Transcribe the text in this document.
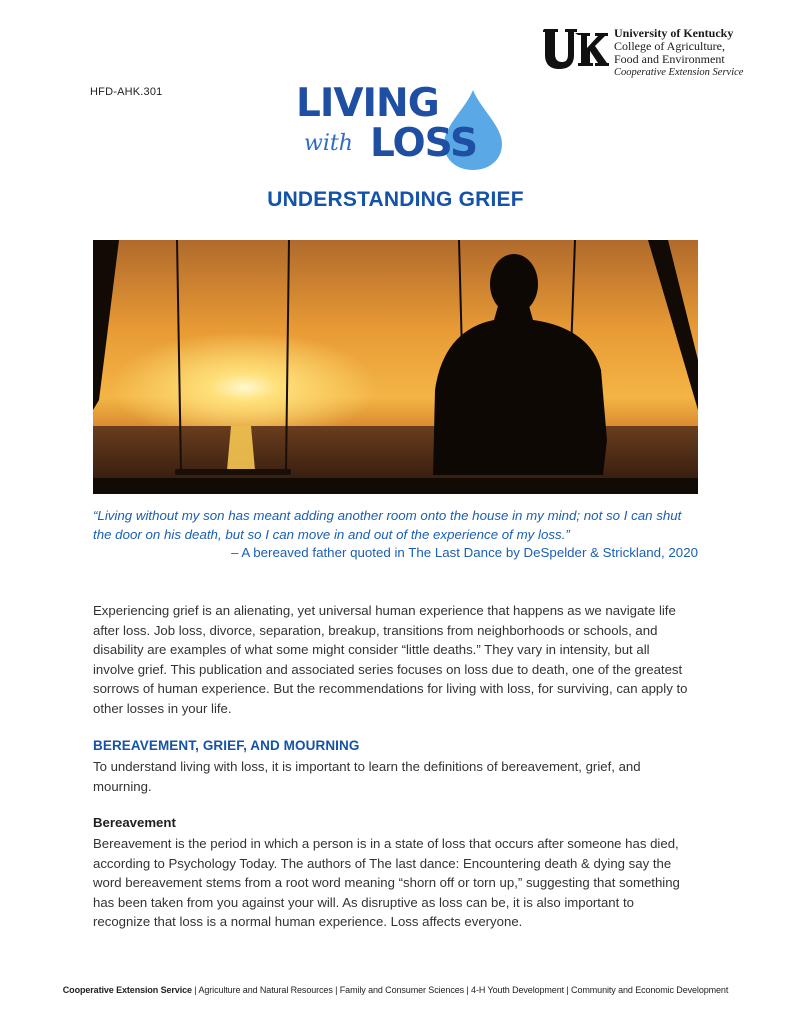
HFD-AHK.301
University of Kentucky
College of Agriculture,
Food and Environment
Cooperative Extension Service
LIVING
with LOSS
UNDERSTANDING GRIEF
“Living without my son has meant adding another room onto the house in my mind; not so I can shut the door on his death, but so I can move in and out of the experience of my loss.”
– A bereaved father quoted in The Last Dance by DeSpelder & Strickland, 2020
Experiencing grief is an alienating, yet universal human experience that happens as we navigate life after loss. Job loss, divorce, separation, breakup, transitions from neighborhoods or schools, and disability are examples of what some might consider “little deaths.” They vary in intensity, but all involve grief. This publication and associated series focuses on loss due to death, one of the greatest sorrows of human experience. But the recommendations for living with loss, for surviving, can apply to other losses in your life.
BEREAVEMENT, GRIEF, AND MOURNING
To understand living with loss, it is important to learn the definitions of bereavement, grief, and mourning.
Bereavement
Bereavement is the period in which a person is in a state of loss that occurs after someone has died, according to Psychology Today. The authors of The last dance: Encountering death & dying say the word bereavement stems from a root word meaning “shorn off or torn up,” suggesting that something has been taken from you against your will. As disruptive as loss can be, it is also important to recognize that loss is a normal human experience. Loss affects everyone.
Cooperative Extension Service | Agriculture and Natural Resources | Family and Consumer Sciences | 4-H Youth Development | Community and Economic Development
